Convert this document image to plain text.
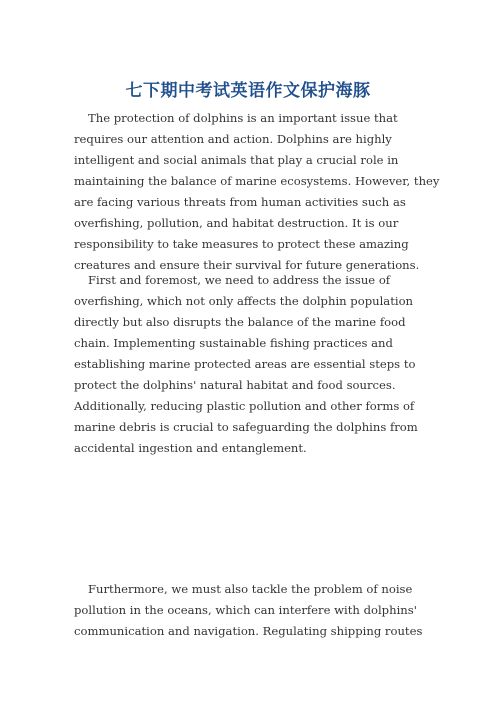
七下期中考试英语作文保护海豚
The protection of dolphins is an important issue that
requires our attention and action. Dolphins are highly
intelligent and social animals that play a crucial role in
maintaining the balance of marine ecosystems. However, they
are facing various threats from human activities such as
overfishing, pollution, and habitat destruction. It is our
responsibility to take measures to protect these amazing
creatures and ensure their survival for future generations.
First and foremost, we need to address the issue of
overfishing, which not only affects the dolphin population
directly but also disrupts the balance of the marine food
chain. Implementing sustainable fishing practices and
establishing marine protected areas are essential steps to
protect the dolphins' natural habitat and food sources.
Additionally, reducing plastic pollution and other forms of
marine debris is crucial to safeguarding the dolphins from
accidental ingestion and entanglement.
Furthermore, we must also tackle the problem of noise
pollution in the oceans, which can interfere with dolphins'
communication and navigation. Regulating shipping routes
